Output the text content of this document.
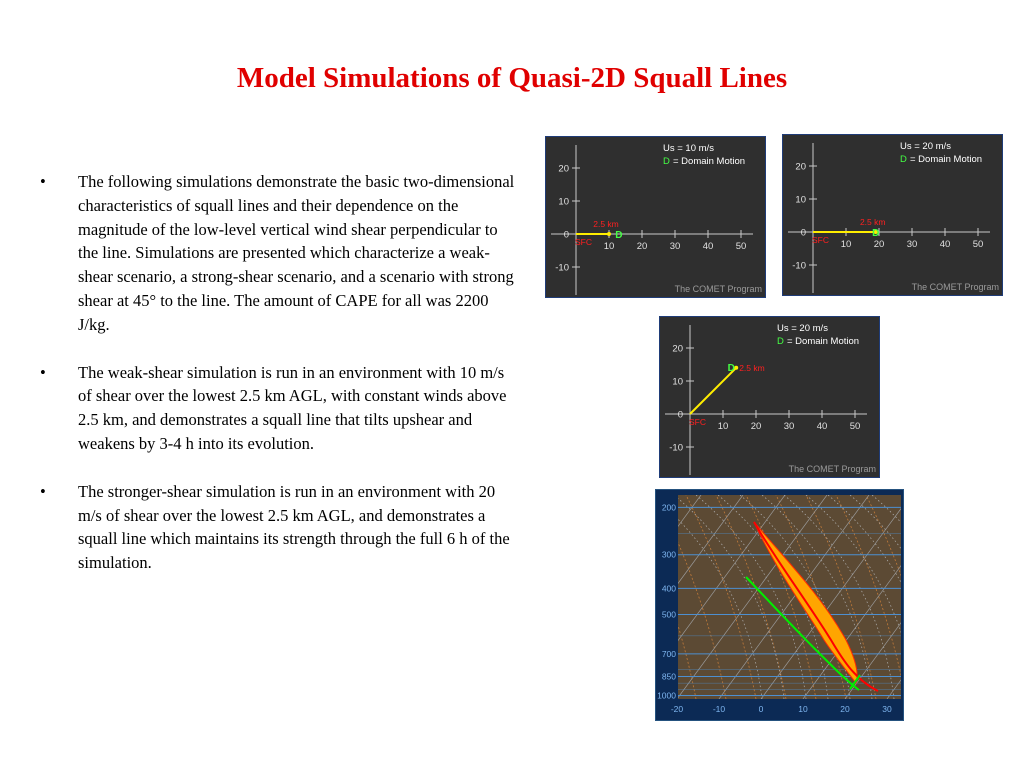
Model Simulations of Quasi-2D Squall Lines
• The following simulations demonstrate the basic two-dimensional characteristics of squall lines and their dependence on the magnitude of the low-level vertical wind shear perpendicular to the line. Simulations are presented which characterize a weak-shear scenario, a strong-shear scenario, and a scenario with strong shear at 45° to the line. The amount of CAPE for all was 2200 J/kg.
• The weak-shear simulation is run in an environment with 10 m/s of shear over the lowest 2.5 km AGL, with constant winds above 2.5 km, and demonstrates a squall line that tilts upshear and weakens by 3-4 h into its evolution.
• The stronger-shear simulation is run in an environment with 20 m/s of shear over the lowest 2.5 km AGL, and demonstrates a squall line which maintains its strength through the full 6 h of the simulation.
10 20 30 40 50
20
10
0
-10
2.5 km
SFC
D
Us = 10 m/s
D = Domain Motion
The COMET Program
10 20 30 40 50
20
10
0
-10
2.5 km
SFC
D
Us = 20 m/s
D = Domain Motion
The COMET Program
10 20 30 40 50
20
10
0
-10
2.5 km
SFC
D
Us = 20 m/s
D = Domain Motion
The COMET Program
200
300
400
500
700
850
1000
-20	-10	0	10	20	30
